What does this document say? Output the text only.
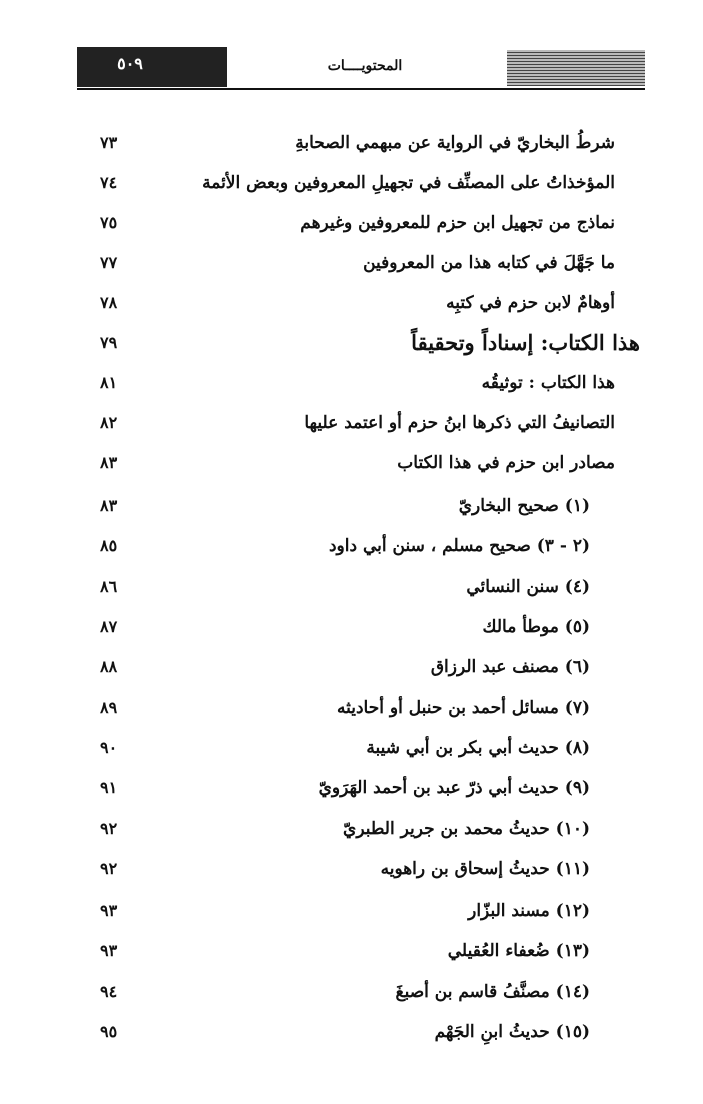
٥٠٩	المحتويــــات
شرطُ البخاريّ في الرواية عن مبهمي الصحابةِ
٧٣
المؤخذاتُ على المصنِّف في تجهيلِ المعروفين وبعض الأئمة
٧٤
نماذج من تجهيل ابن حزم للمعروفين وغيرهم
٧٥
ما جَهَّلَ في كتابه هذا من المعروفين
٧٧
أوهامٌ لابن حزم في كتبِه
٧٨
هذا الكتاب: إسناداً وتحقيقاً
٧٩
هذا الكتاب : توثيقُه
٨١
التصانيفُ التي ذكرها ابنُ حزم أو اعتمد عليها
٨٢
مصادر ابن حزم في هذا الكتاب
٨٣
(١) صحيح البخاريّ
٨٣
(٢ - ٣) صحيح مسلم ، سنن أبي داود
٨٥
(٤) سنن النسائي
٨٦
(٥) موطأ مالك
٨٧
(٦) مصنف عبد الرزاق
٨٨
(٧) مسائل أحمد بن حنبل أو أحاديثه
٨٩
(٨) حديث أبي بكر بن أبي شيبة
٩٠
(٩) حديث أبي ذرّ عبد بن أحمد الهَرَويّ
٩١
(١٠) حديثُ محمد بن جرير الطبريّ
٩٢
(١١) حديثُ إسحاق بن راهويه
٩٢
(١٢) مسند البزّار
٩٣
(١٣) ضُعفاء العُقيلي
٩٣
(١٤) مصنَّفُ قاسم بن أصبغَ
٩٤
(١٥) حديثُ ابنِ الجَهْم
٩٥
